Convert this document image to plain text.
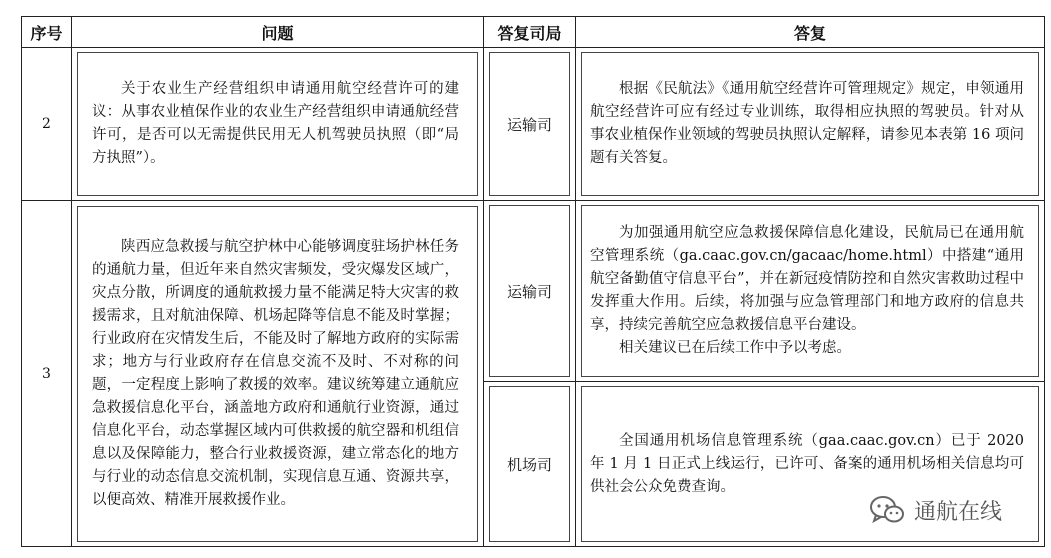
序号	问题	答复司局	答复
2	关于农业生产经营组织申请通用航空经营许可的建议：从事农业植保作业的农业生产经营组织申请通航经营许可，是否可以无需提供民用无人机驾驶员执照（即“局方执照”）。	运输司	根据《民航法》《通用航空经营许可管理规定》规定，申领通用航空经营许可应有经过专业训练，取得相应执照的驾驶员。针对从事农业植保作业领域的驾驶员执照认定解释，请参见本表第 16 项问题有关答复。

3	陕西应急救援与航空护林中心能够调度驻场护林任务的通航力量，但近年来自然灾害频发，受灾爆发区域广，灾点分散，所调度的通航救援力量不能满足特大灾害的救援需求，且对航油保障、机场起降等信息不能及时掌握；行业政府在灾情发生后，不能及时了解地方政府的实际需求；地方与行业政府存在信息交流不及时、不对称的问题，一定程度上影响了救援的效率。建议统筹建立通航应急救援信息化平台，涵盖地方政府和通航行业资源，通过信息化平台，动态掌握区域内可供救援的航空器和机组信息以及保障能力，整合行业救援资源，建立常态化的地方与行业的动态信息交流机制，实现信息互通、资源共享，以便高效、精准开展救援作业。	运输司	为加强通用航空应急救援保障信息化建设，民航局已在通用航空管理系统（ga.caac.gov.cn/gacaac/home.html）中搭建“通用航空备勤值守信息平台”，并在新冠疫情防控和自然灾害救助过程中发挥重大作用。后续，将加强与应急管理部门和地方政府的信息共享，持续完善航空应急救援信息平台建设。

相关建议已在后续工作中予以考虑。

		机场司	全国通用机场信息管理系统（gaa.caac.gov.cn）已于 2020 年 1 月 1 日正式上线运行，已许可、备案的通用机场相关信息均可供社会公众免费查询。

通航在线
